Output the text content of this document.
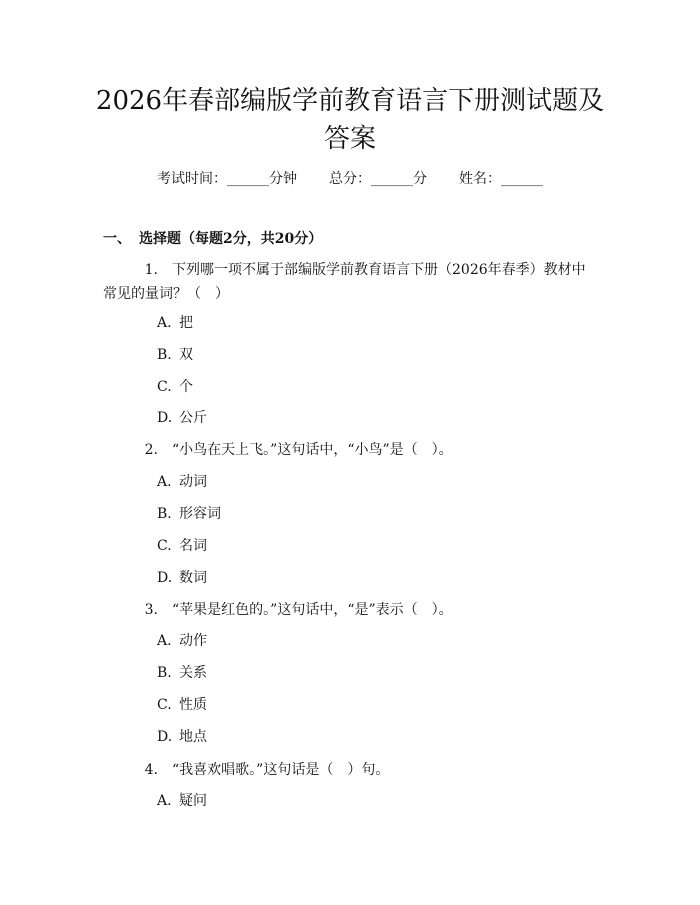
2026年春部编版学前教育语言下册测试题及答案
考试时间：______分钟 总分：______分 姓名：______
一、 选择题（每题2分，共20分）
1. 下列哪一项不属于部编版学前教育语言下册（2026年春季）教材中常见的量词？（　）
A. 把
B. 双
C. 个
D. 公斤
2. “小鸟在天上飞。”这句话中，“小鸟”是（　）。
A. 动词
B. 形容词
C. 名词
D. 数词
3. “苹果是红色的。”这句话中，“是”表示（　）。
A. 动作
B. 关系
C. 性质
D. 地点
4. “我喜欢唱歌。”这句话是（　）句。
A. 疑问
